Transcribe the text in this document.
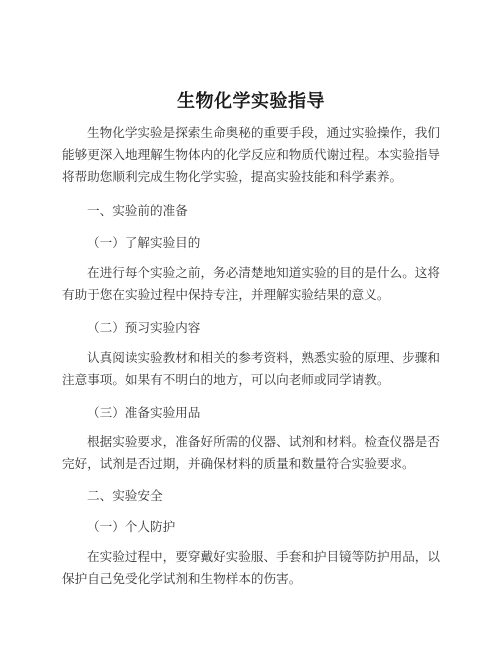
生物化学实验指导
生物化学实验是探索生命奥秘的重要手段，通过实验操作，我们能够更深入地理解生物体内的化学反应和物质代谢过程。本实验指导将帮助您顺利完成生物化学实验，提高实验技能和科学素养。
一、实验前的准备
（一）了解实验目的
在进行每个实验之前，务必清楚地知道实验的目的是什么。这将有助于您在实验过程中保持专注，并理解实验结果的意义。
（二）预习实验内容
认真阅读实验教材和相关的参考资料，熟悉实验的原理、步骤和注意事项。如果有不明白的地方，可以向老师或同学请教。
（三）准备实验用品
根据实验要求，准备好所需的仪器、试剂和材料。检查仪器是否完好，试剂是否过期，并确保材料的质量和数量符合实验要求。
二、实验安全
（一）个人防护
在实验过程中，要穿戴好实验服、手套和护目镜等防护用品，以保护自己免受化学试剂和生物样本的伤害。
